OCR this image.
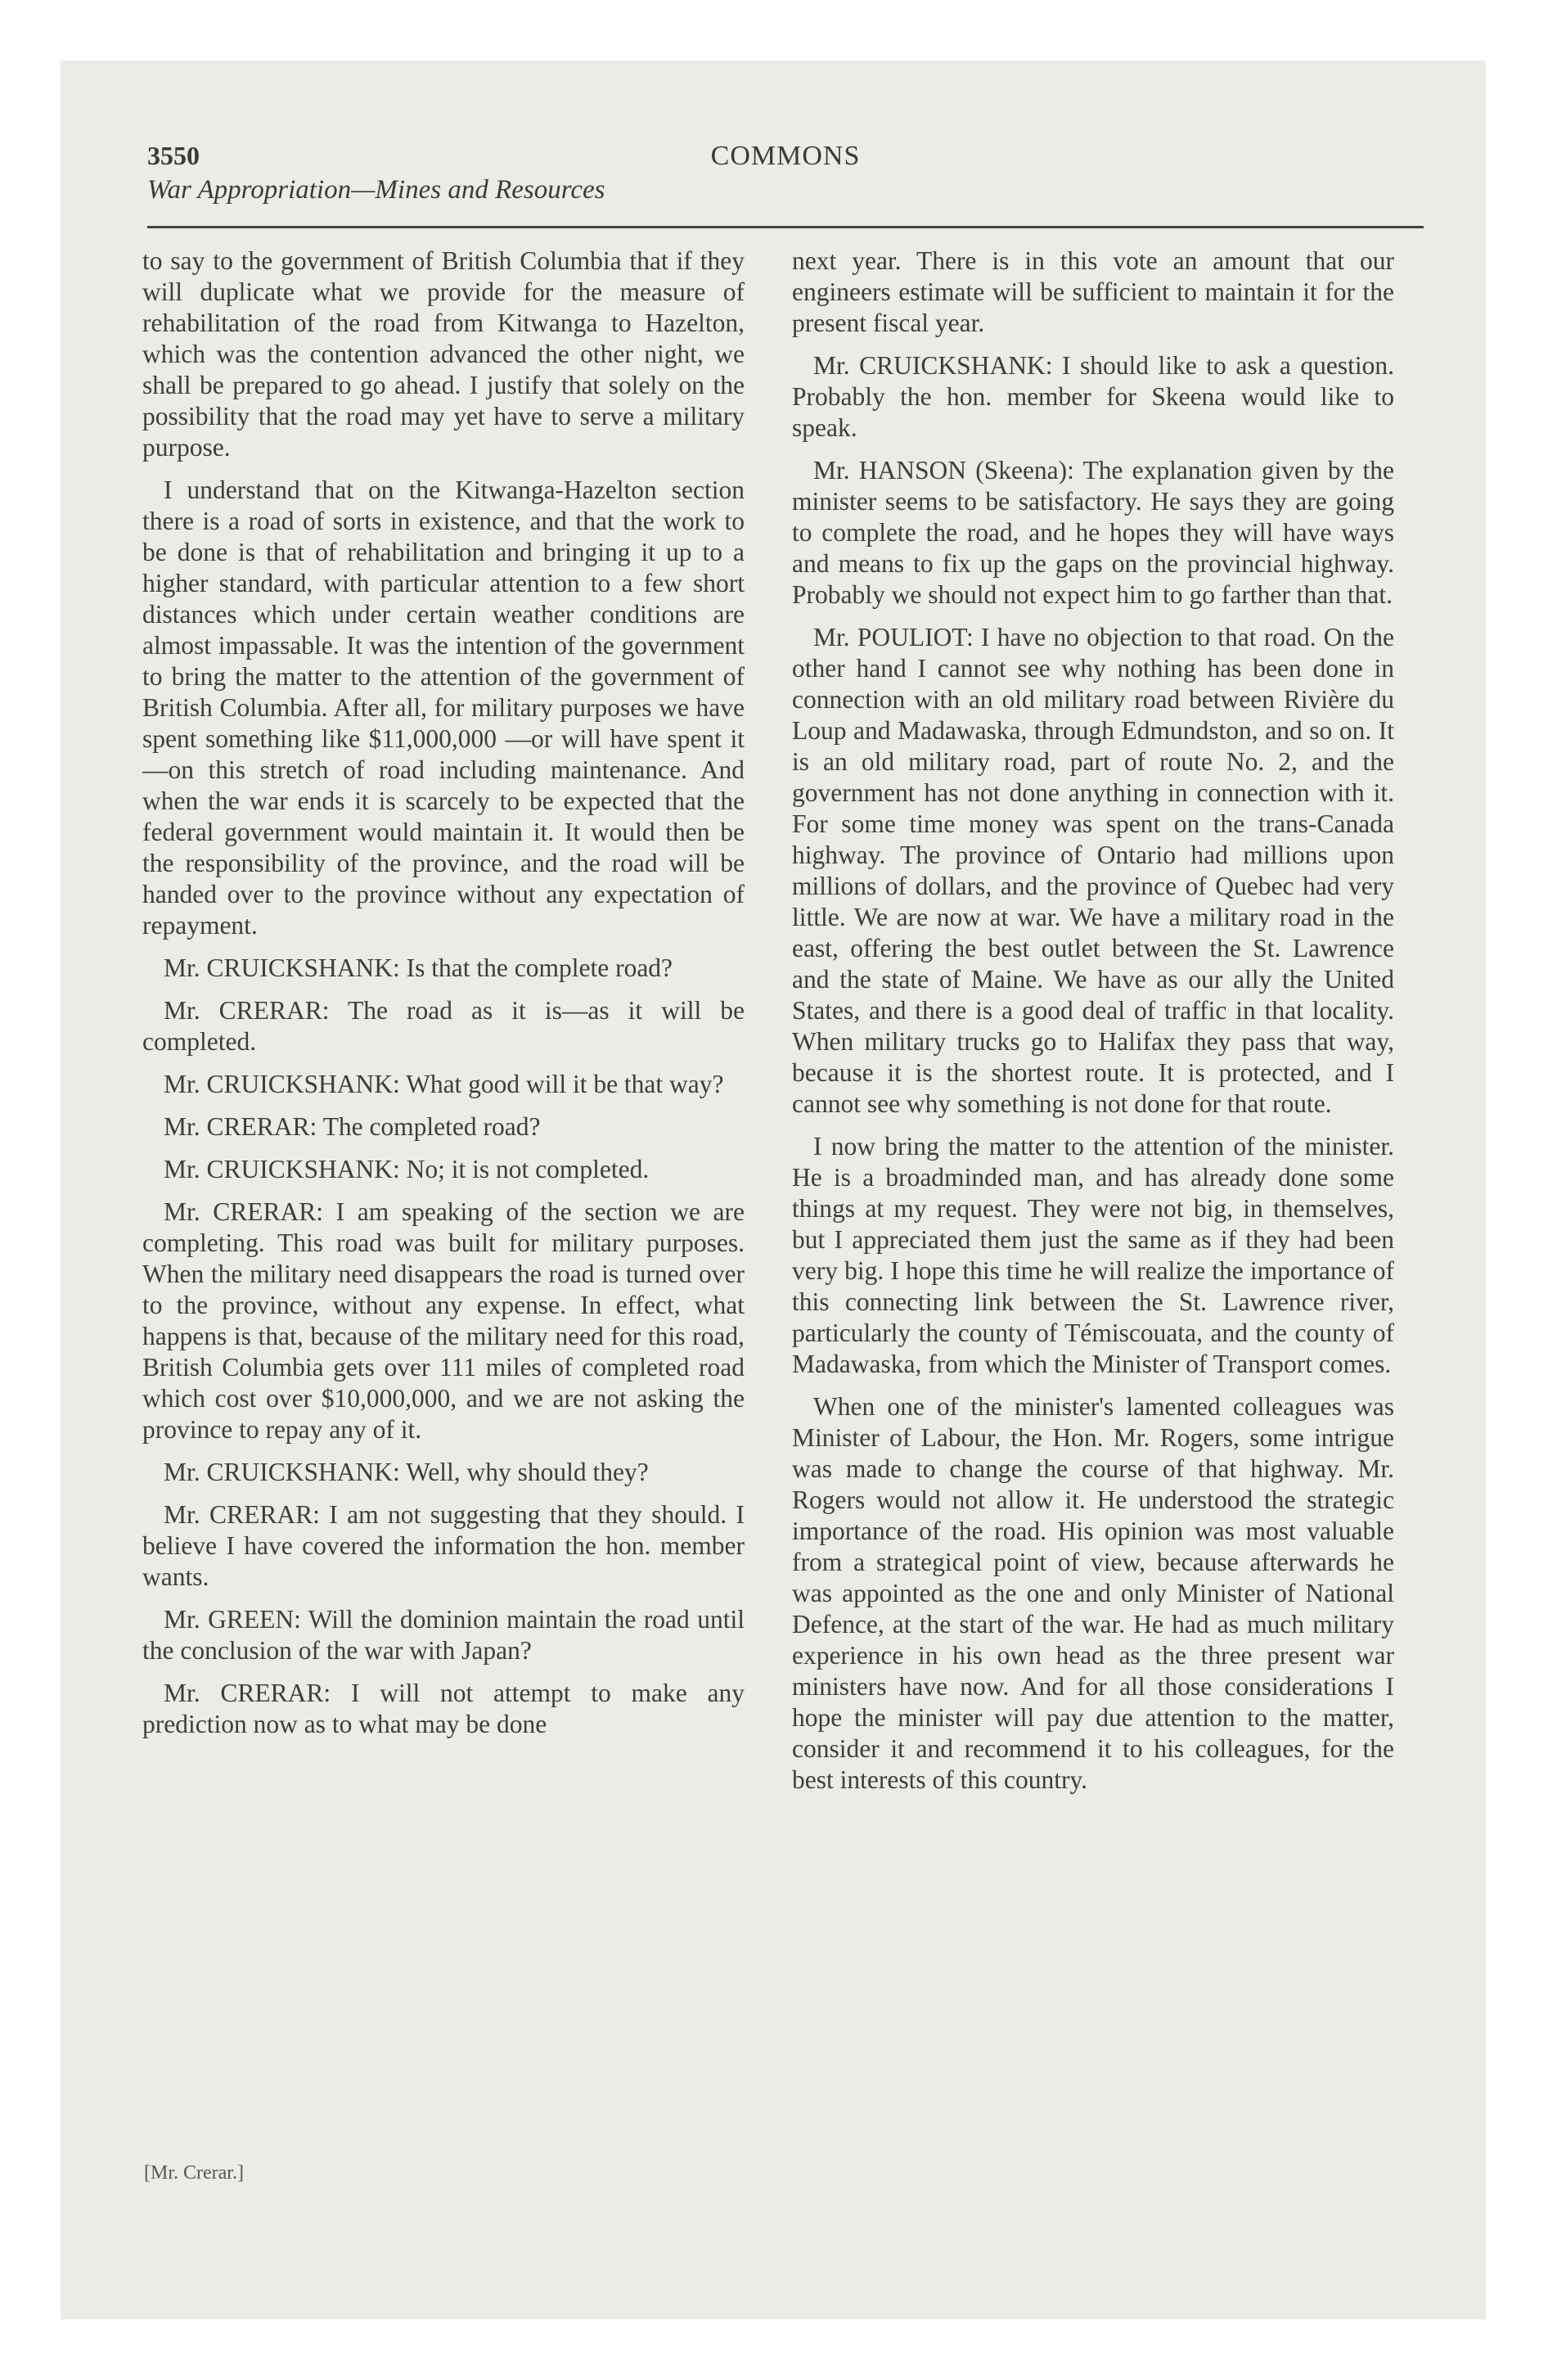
3550	COMMONS
War Appropriation—Mines and Resources

to say to the government of British Columbia that if they will duplicate what we provide for the measure of rehabilitation of the road from Kitwanga to Hazelton, which was the contention advanced the other night, we shall be prepared to go ahead. I justify that solely on the possibility that the road may yet have to serve a military purpose.

I understand that on the Kitwanga-Hazelton section there is a road of sorts in existence, and that the work to be done is that of rehabilitation and bringing it up to a higher standard, with particular attention to a few short distances which under certain weather conditions are almost impassable. It was the intention of the government to bring the matter to the attention of the government of British Columbia. After all, for military purposes we have spent something like $11,000,000 —or will have spent it—on this stretch of road including maintenance. And when the war ends it is scarcely to be expected that the federal government would maintain it. It would then be the responsibility of the province, and the road will be handed over to the province without any expectation of repayment.

Mr. CRUICKSHANK: Is that the complete road?

Mr. CRERAR: The road as it is—as it will be completed.

Mr. CRUICKSHANK: What good will it be that way?

Mr. CRERAR: The completed road?

Mr. CRUICKSHANK: No; it is not completed.

Mr. CRERAR: I am speaking of the section we are completing. This road was built for military purposes. When the military need disappears the road is turned over to the province, without any expense. In effect, what happens is that, because of the military need for this road, British Columbia gets over 111 miles of completed road which cost over $10,000,000, and we are not asking the province to repay any of it.

Mr. CRUICKSHANK: Well, why should they?

Mr. CRERAR: I am not suggesting that they should. I believe I have covered the information the hon. member wants.

Mr. GREEN: Will the dominion maintain the road until the conclusion of the war with Japan?

Mr. CRERAR: I will not attempt to make any prediction now as to what may be done

next year. There is in this vote an amount that our engineers estimate will be sufficient to maintain it for the present fiscal year.

Mr. CRUICKSHANK: I should like to ask a question. Probably the hon. member for Skeena would like to speak.

Mr. HANSON (Skeena): The explanation given by the minister seems to be satisfactory. He says they are going to complete the road, and he hopes they will have ways and means to fix up the gaps on the provincial highway. Probably we should not expect him to go farther than that.

Mr. POULIOT: I have no objection to that road. On the other hand I cannot see why nothing has been done in connection with an old military road between Rivière du Loup and Madawaska, through Edmundston, and so on. It is an old military road, part of route No. 2, and the government has not done anything in connection with it. For some time money was spent on the trans-Canada highway. The province of Ontario had millions upon millions of dollars, and the province of Quebec had very little. We are now at war. We have a military road in the east, offering the best outlet between the St. Lawrence and the state of Maine. We have as our ally the United States, and there is a good deal of traffic in that locality. When military trucks go to Halifax they pass that way, because it is the shortest route. It is protected, and I cannot see why something is not done for that route.

I now bring the matter to the attention of the minister. He is a broadminded man, and has already done some things at my request. They were not big, in themselves, but I appreciated them just the same as if they had been very big. I hope this time he will realize the importance of this connecting link between the St. Lawrence river, particularly the county of Témiscouata, and the county of Madawaska, from which the Minister of Transport comes.

When one of the minister's lamented colleagues was Minister of Labour, the Hon. Mr. Rogers, some intrigue was made to change the course of that highway. Mr. Rogers would not allow it. He understood the strategic importance of the road. His opinion was most valuable from a strategical point of view, because afterwards he was appointed as the one and only Minister of National Defence, at the start of the war. He had as much military experience in his own head as the three present war ministers have now. And for all those considerations I hope the minister will pay due attention to the matter, consider it and recommend it to his colleagues, for the best interests of this country.

[Mr. Crerar.]
